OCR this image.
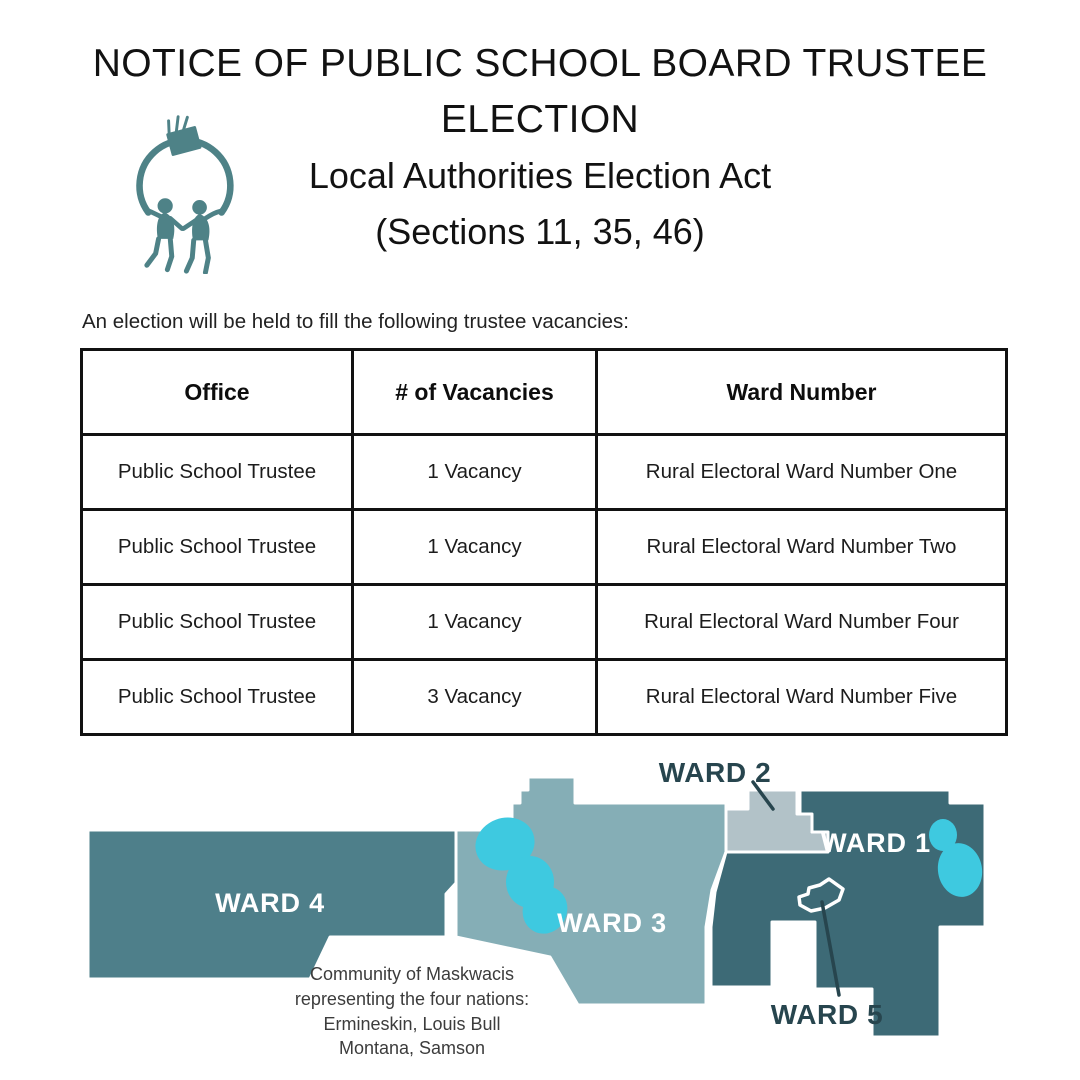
NOTICE OF PUBLIC SCHOOL BOARD TRUSTEE
ELECTION
Local Authorities Election Act
(Sections 11, 35, 46)

An election will be held to fill the following trustee vacancies:

Office	# of Vacancies	Ward Number
Public School Trustee	1 Vacancy	Rural Electoral Ward Number One
Public School Trustee	1 Vacancy	Rural Electoral Ward Number Two
Public School Trustee	1 Vacancy	Rural Electoral Ward Number Four
Public School Trustee	3 Vacancy	Rural Electoral Ward Number Five
WARD 4
WARD 3
WARD 1
WARD 2
WARD 5
Community of Maskwacis
representing the four nations:
Ermineskin, Louis Bull
Montana, Samson
